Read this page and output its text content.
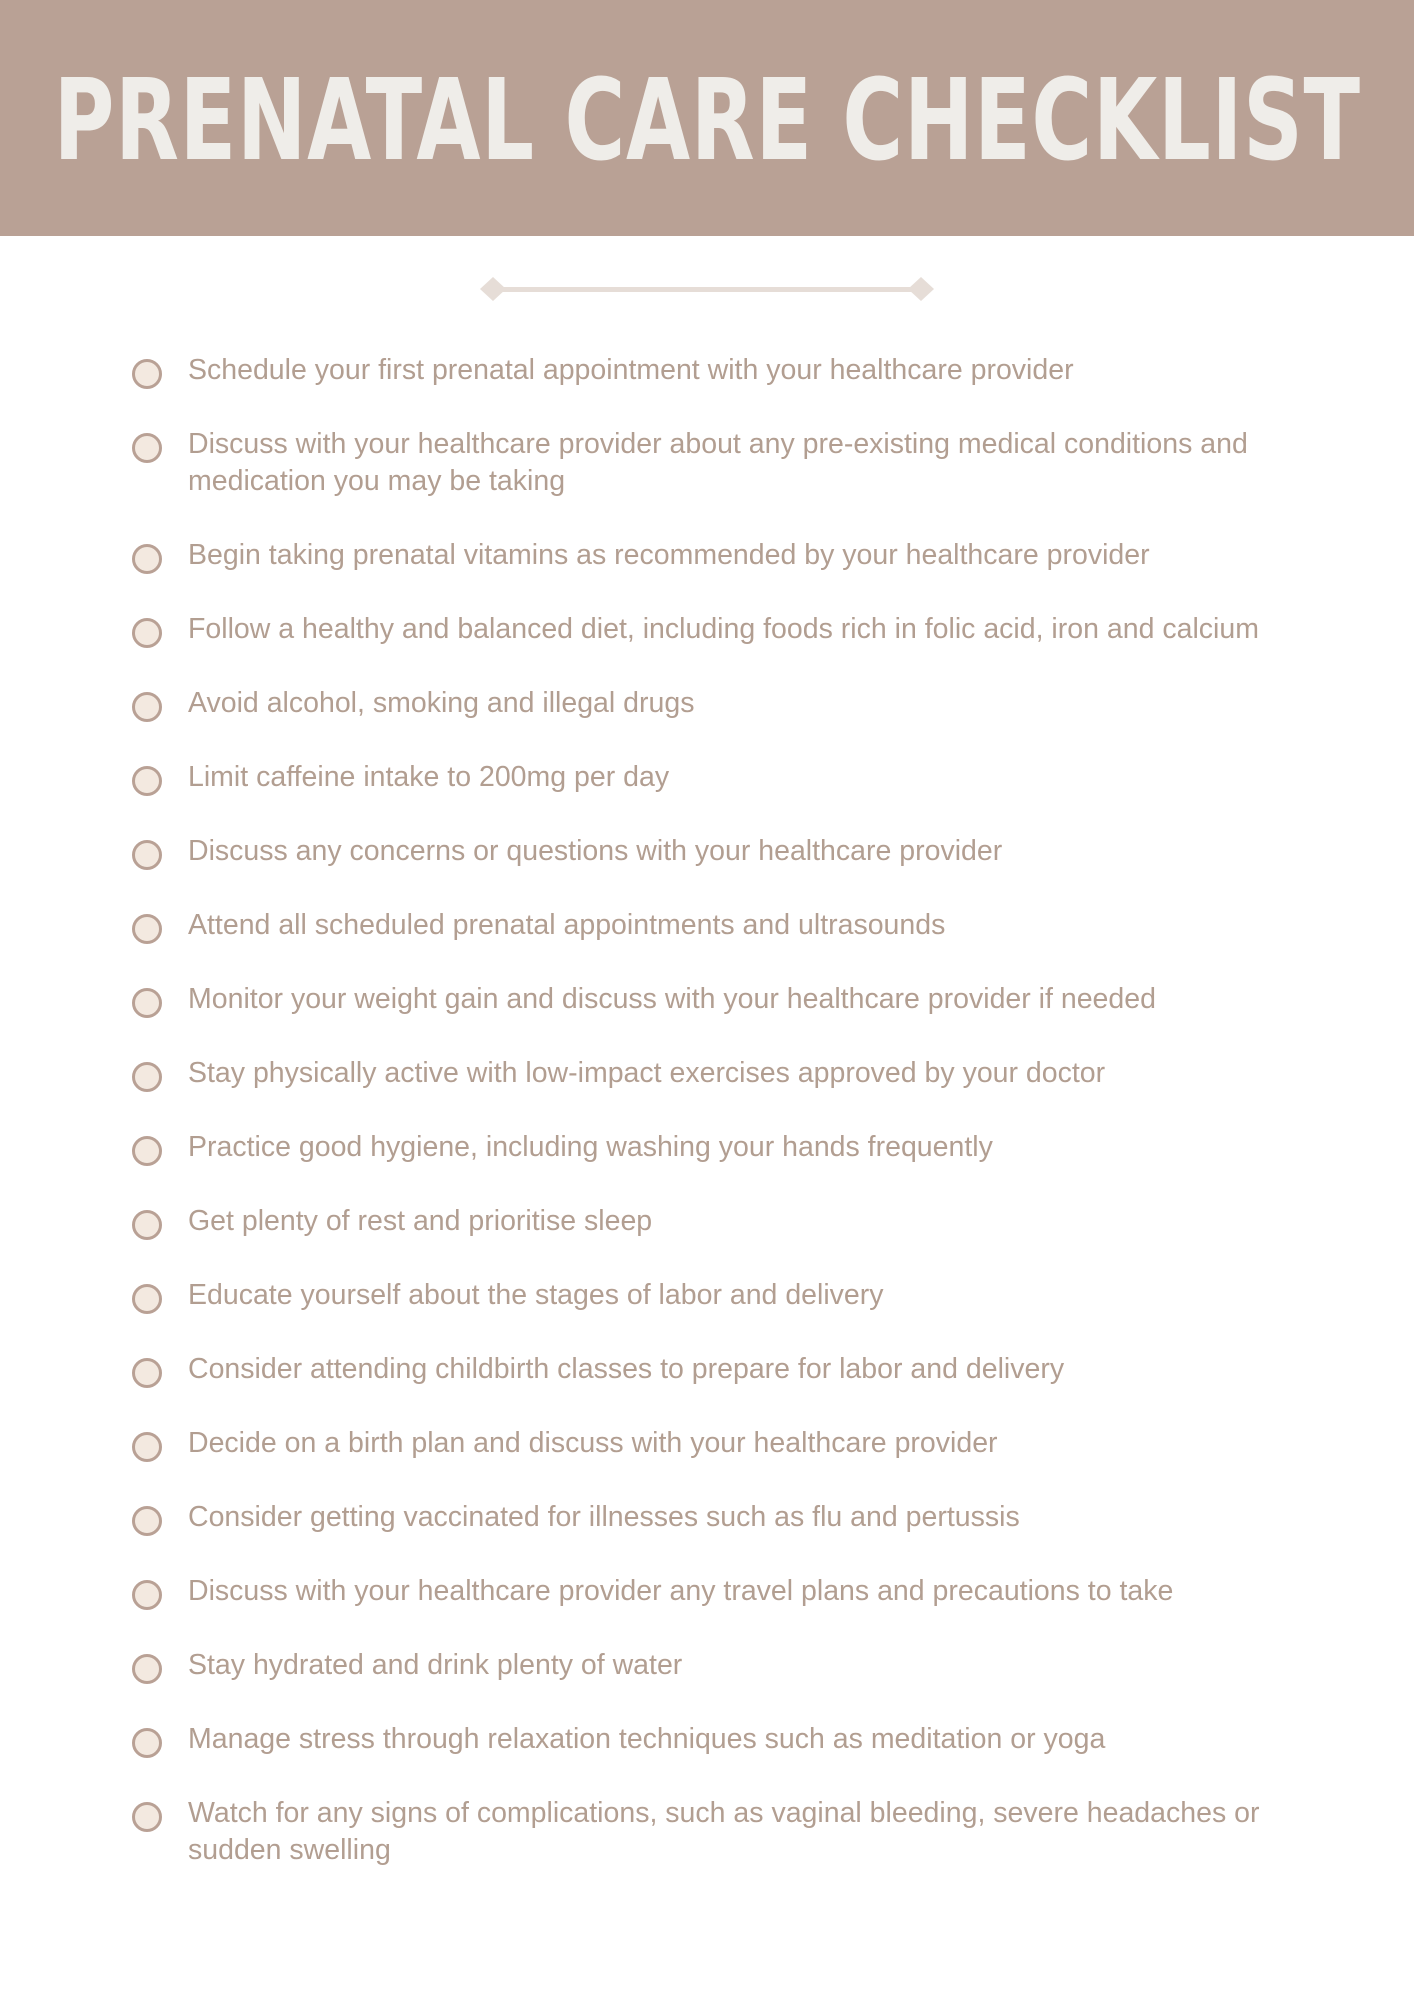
PRENATAL CARE CHECKLIST
Schedule your first prenatal appointment with your healthcare provider
Discuss with your healthcare provider about any pre-existing medical conditions and medication you may be taking
Begin taking prenatal vitamins as recommended by your healthcare provider
Follow a healthy and balanced diet, including foods rich in folic acid, iron and calcium
Avoid alcohol, smoking and illegal drugs
Limit caffeine intake to 200mg per day
Discuss any concerns or questions with your healthcare provider
Attend all scheduled prenatal appointments and ultrasounds
Monitor your weight gain and discuss with your healthcare provider if needed
Stay physically active with low-impact exercises approved by your doctor
Practice good hygiene, including washing your hands frequently
Get plenty of rest and prioritise sleep
Educate yourself about the stages of labor and delivery
Consider attending childbirth classes to prepare for labor and delivery
Decide on a birth plan and discuss with your healthcare provider
Consider getting vaccinated for illnesses such as flu and pertussis
Discuss with your healthcare provider any travel plans and precautions to take
Stay hydrated and drink plenty of water
Manage stress through relaxation techniques such as meditation or yoga
Watch for any signs of complications, such as vaginal bleeding, severe headaches or sudden swelling
